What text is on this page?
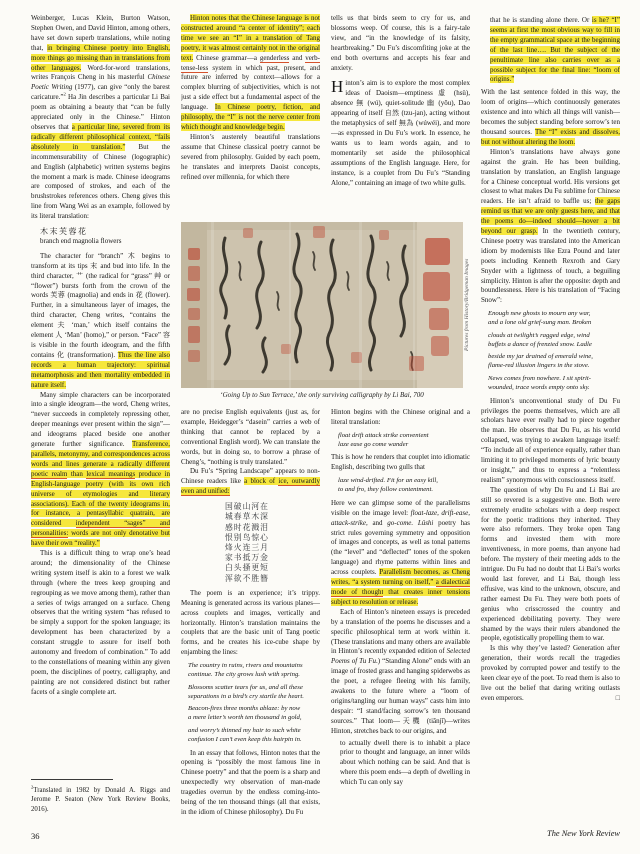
Weinberger, Lucas Klein, Burton Watson, Stephen Owen, and David Hinton, among others, have set down superb translations, while noting that, in bringing Chinese poetry into English, more things go missing than in translations from other languages. Word-for-word translations, writes François Cheng in his masterful Chinese Poetic Writing (1977), can give “only the barest caricature.”$^2$ Ha Jin describes a particular Li Bai poem as obtaining a beauty that “can be fully appreciated only in the Chinese.” Hinton observes that a particular line, severed from its radically different philosophical context, “fails absolutely in translation.” But the incommensurability of Chinese (logographic) and English (alphabetic) written systems begins the moment a mark is made. Chinese ideograms are composed of strokes, and each of the brushstrokes references others. Cheng gives this line from Wang Wei as an example, followed by its literal translation:

木末芙蓉花
branch end magnolia flowers

The character for “branch” 木 begins to transform at its tips 末 and bud into life. In the third character, 艹 (the radical for “grass” 艸 or “flower”) bursts forth from the crown of the words 芙蓉 (magnolia) and ends in 花 (flower). Further, in a simultaneous layer of images, the third character, Cheng writes, “contains the element 夫 ‘man,’ which itself contains the element 人 ‘Man’ (homo),” or person. “Face” 容 is visible in the fourth ideogram, and the fifth contains 化 (transformation). Thus the line also records a human trajectory: spiritual metamorphosis and then mortality embedded in nature itself.

Many simple characters can be incorporated into a single ideogram—the word, Cheng writes, “never succeeds in completely repressing other, deeper meanings ever present within the sign”—and ideograms placed beside one another generate further significance. Transference, parallels, metonymy, and correspondences across words and lines generate a radically different poetic realm than lexical meanings produce in English-language poetry (with its own rich universe of etymologies and literary associations). Each of the twenty ideograms in, for instance, a pentasyllabic quatrain, are considered independent “sages” and personalities: words are not only denotative but have their own “reality.”

This is a difficult thing to wrap one’s head around; the dimensionality of the Chinese writing system itself is akin to a forest we walk through (where the trees keep grouping and regrouping as we move among them), rather than a series of twigs arranged on a surface. Cheng observes that the writing system “has refused to be simply a support for the spoken language; its development has been characterized by a constant struggle to assure for itself both autonomy and freedom of combination.” To add to the constellations of meaning within any given poem, the disciplines of poetry, calligraphy, and painting are not considered distinct but rather facets of a single complete art.

Hinton notes that the Chinese language is not constructed around “a center of identity”; each time we see an “I” in a translation of Tang poetry, it was almost certainly not in the original text. Chinese grammar—a genderless and verb-tense-less system in which past, present, and future are inferred by context—allows for a complex blurring of subjectivities, which is not just a side effect but a fundamental aspect of the language. In Chinese poetry, fiction, and philosophy, the “I” is not the nerve center from which thought and knowledge begin.

Hinton’s austerely beautiful translations assume that Chinese classical poetry cannot be severed from philosophy. Guided by each poem, he translates and interprets Daoist concepts, refined over millennia, for which there

are no precise English equivalents (just as, for example, Heidegger’s “dasein” carries a web of thinking that cannot be replaced by a conventional English word). We can translate the words, but in doing so, to borrow a phrase of Cheng’s, “nothing is truly translated.”

Du Fu’s “Spring Landscape” appears to non-Chinese readers like a block of ice, outwardly even and unified:

国破山河在
城春草木深
感时花溅泪
恨别鸟惊心
烽火连三月
家书抵万金
白头搔更短
浑欲不胜簪

The poem is an experience; it’s trippy. Meaning is generated across its various planes—across couplets and images, vertically and horizontally. Hinton’s translation maintains the couplets that are the basic unit of Tang poetic forms, and he creates his ice-cube shape by enjambing the lines:

The country in ruins, rivers and mountains
continue. The city grows lush with spring.
Blossoms scatter tears for us, and all these
separations in a bird’s cry startle the heart.
Beacon-fires three months ablaze: by now
a mere letter’s worth ten thousand in gold,
and worry’s thinned my hair to such white
confusion I can’t even keep this hairpin in.

In an essay that follows, Hinton notes that the opening is “possibly the most famous line in Chinese poetry” and that the poem is a sharp and unexpectedly wry observation of man-made tragedies overrun by the endless coming-into-being of the ten thousand things (all that exists, in the idiom of Chinese philosophy). Du Fu

tells us that birds seem to cry for us, and blossoms weep. Of course, this is a fairy-tale view, and “in the knowledge of its falsity, heartbreaking.” Du Fu’s discomfiting joke at the end both overturns and accepts his fear and anxiety.

Hinton’s aim is to explore the most complex ideas of Daoism—emptiness 虛 (hsü), absence 無 (wú), quiet-solitude 幽 (yōu), Dao appearing of itself 自然 (tzu-jan), acting without the metaphysics of self 無為 (wúwéi), and more—as expressed in Du Fu’s work. In essence, he wants us to learn words again, and to momentarily set aside the philosophical assumptions of the English language. Here, for instance, is a couplet from Du Fu’s “Standing Alone,” containing an image of two white gulls.

Hinton begins with the Chinese original and a literal translation:

float drift attack strike convenient
laze ease go come wander

This is how he renders that couplet into idiomatic English, describing two gulls that

laze wind-drifted. Fit for an easy kill,
to and fro, they follow contentment.

Here we can glimpse some of the parallelisms visible on the image level: float-laze, drift-ease, attack-strike, and go-come. Lüshi poetry has strict rules governing symmetry and opposition of images and concepts, as well as tonal patterns (the “level” and “deflected” tones of the spoken language) and rhyme patterns within lines and across couplets. Parallelism becomes, as Cheng writes, “a system turning on itself,” a dialectical mode of thought that creates inner tensions subject to resolution or release.

Each of Hinton’s nineteen essays is preceded by a translation of the poems he discusses and a specific philosophical term at work within it. (These translations and many others are available in Hinton’s recently expanded edition of Selected Poems of Tu Fu.) “Standing Alone” ends with an image of frosted grass and hanging spiderwebs as the poet, a refugee fleeing with his family, awakens to the future where a “loom of origins/tangling our human ways” casts him into despair: “I stand/facing sorrow’s ten thousand sources.” That loom—天機 (tiānjī)—writes Hinton, stretches back to our origins, and

to actually dwell there is to inhabit a place prior to thought and language, an inner wilds about which nothing can be said. And that is where this poem ends—a depth of dwelling in which Tu can only say
that he is standing alone there. Or is he? “I” seems at first the most obvious way to fill in the empty grammatical space at the beginning of the last line…. But the subject of the penultimate line also carries over as a possible subject for the final line: “loom of origins.”

With the last sentence folded in this way, the loom of origins—which continuously generates existence and into which all things will vanish—becomes the subject standing before sorrow’s ten thousand sources. The “I” exists and dissolves, but not without altering the loom.

Hinton’s translations have always gone against the grain. He has been building, translation by translation, an English language for a Chinese conceptual world. His versions get closest to what makes Du Fu sublime for Chinese readers. He isn’t afraid to baffle us; the gaps remind us that we are only guests here, and that the poems do—indeed should—hover a bit beyond our grasp. In the twentieth century, Chinese poetry was translated into the American idiom by modernists like Ezra Pound and later poets including Kenneth Rexroth and Gary Snyder with a lightness of touch, a beguiling simplicity. Hinton is after the opposite: depth and boundlessness. Here is his translation of “Facing Snow”:

Enough new ghosts to mourn any war,
and a lone old grief-sung man. Broken
clouds at twilight’s ragged edge, wind
buffets a dance of frenzied snow. Ladle
beside my jar drained of emerald wine,
flame-red illusion lingers in the stove.
News comes from nowhere. I sit spirit-
wounded, trace words empty onto sky.

Hinton’s unconventional study of Du Fu privileges the poems themselves, which are all scholars have ever really had to piece together the man. He observes that Du Fu, as his world collapsed, was trying to awaken language itself: “To include all of experience equally, rather than limiting it to privileged moments of lyric beauty or insight,” and thus to express a “relentless realism” synonymous with consciousness itself.

The question of why Du Fu and Li Bai are still so revered is a suggestive one. Both were extremely erudite scholars with a deep respect for the poetic traditions they inherited. They were also reformers. They broke open Tang forms and invested them with more inventiveness, in more poems, than anyone had before. The mystery of their meeting adds to the intrigue. Du Fu had no doubt that Li Bai’s works would last forever, and Li Bai, though less effusive, was kind to the unknown, obscure, and rather earnest Du Fu. They were both poets of genius who crisscrossed the country and experienced debilitating poverty. They were shamed by the ways their rulers abandoned the people, egotistically propelling them to war.

Is this why they’ve lasted? Generation after generation, their words recall the tragedies provoked by corrupted power and testify to the keen clear eye of the poet. To read them is also to live out the belief that daring writing outlasts even emperors.	□

Pictures from History/Bridgeman Images
‘Going Up to Sun Terrace,’ the only surviving calligraphy by Li Bai, 700
$^2$Translated in 1982 by Donald A. Riggs and Jerome P. Seaton (New York Review Books, 2016).
36	The New York Review
